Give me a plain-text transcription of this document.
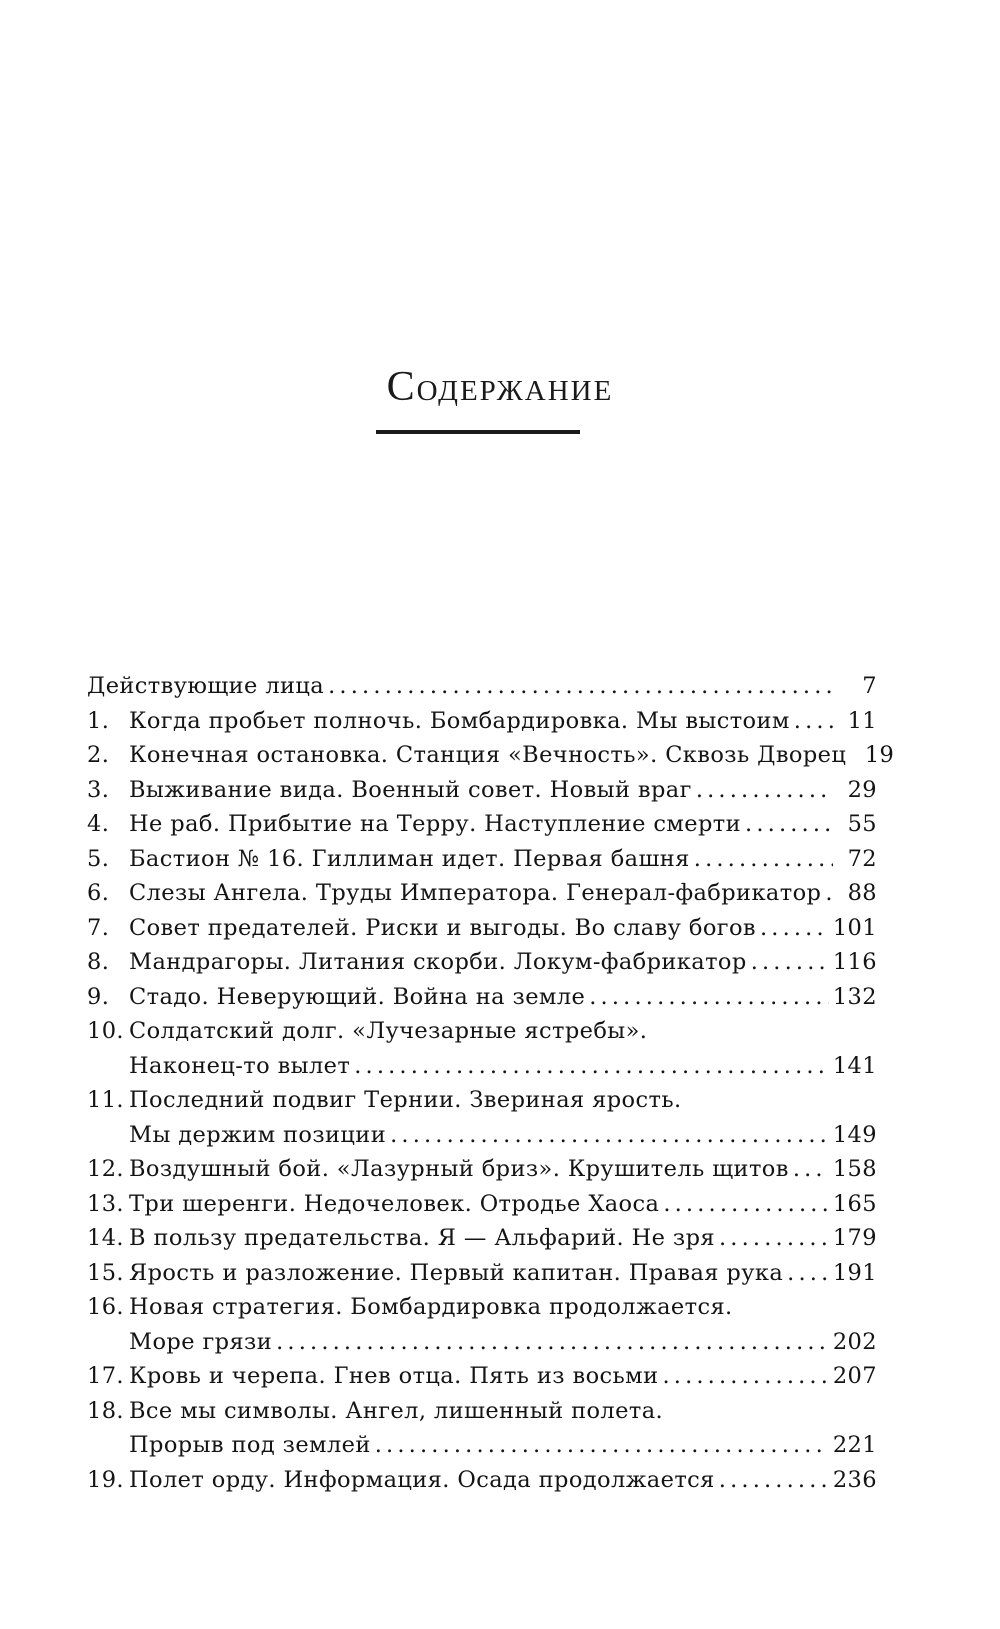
Содержание
Действующие лица . . .	7
1. Когда пробьет полночь. Бомбардировка. Мы выстоим . . .	11
2. Конечная остановка. Станция «Вечность». Сквозь Дворец 19
3. Выживание вида. Военный совет. Новый враг . . .	29
4. Не раб. Прибытие на Терру. Наступление смерти . . .	55
5. Бастион № 16. Гиллиман идет. Первая башня . . .	72
6. Слезы Ангела. Труды Императора. Генерал-фабрикатор . . .	88
7. Совет предателей. Риски и выгоды. Во славу богов . . .	101
8. Мандрагоры. Литания скорби. Локум-фабрикатор . . .	116
9. Стадо. Неверующий. Война на земле . . .	132
10. Солдатский долг. «Лучезарные ястребы».
Наконец-то вылет . . .	141
11. Последний подвиг Тернии. Звериная ярость.
Мы держим позиции . . .	149
12. Воздушный бой. «Лазурный бриз». Крушитель щитов . . . 158
13. Три шеренги. Недочеловек. Отродье Хаоса . . .	165
14. В пользу предательства. Я — Альфарий. Не зря . . .	179
15. Ярость и разложение. Первый капитан. Правая рука . . . 191
16. Новая стратегия. Бомбардировка продолжается.
Море грязи . . .	202
17. Кровь и черепа. Гнев отца. Пять из восьми . . .	207
18. Все мы символы. Ангел, лишенный полета.
Прорыв под землей . . .	221
19. Полет орду. Информация. Осада продолжается . . .	236
